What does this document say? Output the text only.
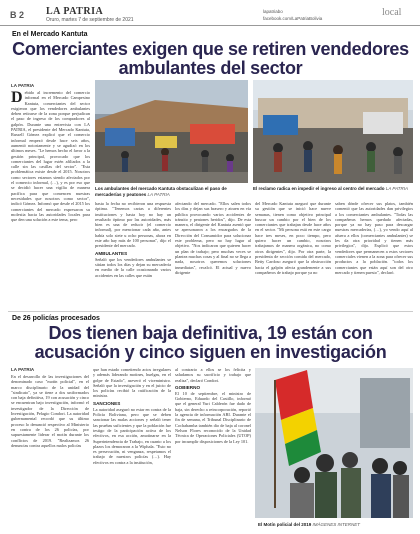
B 2 LA PATRIA
Oruro, martes 7 de septiembre de 2021
lapatriabo
facebook.com/LaPatriaBolivia
local
En el Mercado Kantuta
Comerciantes exigen que se retiren vendedores ambulantes del sector
LA PATRIA
D ebido al incremento del comercio informal en el Mercado Campesino Kantuta, comerciantes del sector exigieron que los vendedores ambulantes deben retirarse de la zona porque perjudican el paso de ingreso de los compradores al galpón. Durante una entrevista con LA PATRIA, el presidente del Mercado Kantuta, Russell Gómez explicó que el comercio informal empezó desde hace seis años, aumentó notoriamente y se agudizó en los últimos meses. "Le hemos hecho el favor a la gestión principal, provocado que los comerciantes del lugar estén afiliados a la calle sin las casillas del sector". "Esta problemática existe desde el 2015. Nosotros como sectores estamos siendo afectados por el comercio informal, (…), y es por eso que se decidió hacer una vigilia de manera pacífica para que comencen nuestras necesidades que nosotros como sector", indicó Gómez. Informó que desde el 2015 los comerciantes del mercado expresaron su molestia hacia las autoridades locales para que den una solución a este tema, pero
Los ambulantes del mercado Kantuta obstaculizan el paso de mercaderías y peatones LA PATRIA
El reclamo radica en impedir el ingreso al centro del mercado LA PATRIA
hasta la fecha no recibieron una respuesta óptima. "Tenemos cartas a diferentes instituciones y hasta hoy no hay un resultado óptimo por las autoridades, más bien es una de reducir (el comercio informal), por mencionar cada año, antes había solo siete u ocho personas, ahora en este año hay más de 100 personas", dijo el presidente del mercado.
AMBULANTES
Señaló que los vendedores ambulantes se sitúan todos los días y dejan su mercadería en medio de la calle ocasionando varios accidentes en las calles que están
afectando del mercado. "Ellos salen todos los días y dejan sus brasero y atraen en vía pública provocando varios accidentes de tránsito y peatones heridos", dijo. De esta manera, el dirigente del Kantuta asentó que se apersonaron a los encargados de la Dirección del Consumidor para solucionar este problema, pero no hay lugar al objetivo. "Nos indicaron que quieren hacer un plan de trabajo; pero muchas veces se plantea muchas cosas y al final no se llega a nada, nosotros queremos soluciones inmediatas", recalcó. El actual y nuevo dirigente
del Mercado Kantuta aseguró que durante su gestión que se inició hace nueve semanas, tienen como objetivo principal buscar un cambio por el bien de los comerciantes que trabajan desde hace años en el sector. "Mi persona está en este cargo hace tres meses, en poco tiempo, pero quiero hacer un cambio, nosotros trabajamos de manera orgánica, no como otros dirigentes", dijo. Por otra parte, la presidenta de sección comida del mercado, Betty Cardoso aseguró que la obstrucción hacia el galpón afecta grandemente a sus compañeros de trabajo porque ya no
saben dónde ofrecer sus platos, también comentó que las autoridades dan privilegios a los comerciantes ambulantes. "Todas las compañeras hemos quedado afectadas, porque ya no hay paso para descargar nuestras mercaderías, (…), yo vendo aquí al afuera a ellos (comerciantes ambulantes) se les da otra prioridad y tienen más privilegios", dijo. Explicó que estos vendedores que permanecen a estos sectores comerciales vienen a la zona para ofrecer sus productos a la población. "todos los comerciantes que están aquí son del otro mercado y tienen puesto", declaró.
De 26 policías procesados
Dos tienen baja definitiva, 19 están con acusación y cinco siguen en investigación
LA PATRIA
En el desarrollo de las investigaciones del denominado caso "motín policial", en el marco disciplinario de la unidad del "sindicato", ya se tiene a dos uniformados con baja definitiva, 19 con acusación y cinco se encuentran bajo investigación, informó el investigador de la Dirección de Investigación, Pelagio Condori. La autoridad gubernamental recordó que su último proceso lo denunció respectivo al Ministerio en contra de los 26 policías, por supuestamente liderar el motín durante los conflictos de 2019. "Realizamos 26 denuncias contra aquellos malos policías
que han estado cometiendo actos irregulares y además liderando motines, huelgas, en el golpe de Estado", aseveró el viceministro. Señaló que la investigación y en el juicio de los policías recibió la ratificación de la ministra.
SANCIONES
La autoridad aseguró no estar en contra de la Policía Boliviana, pero que se deben sancionar las malas acciones y señaló tener las pruebas suficientes y que la población fue testigo de la participación activa de los efectivos, en esa acción, amotinarse en la Superintendencia de Trabajo, en cuanto a los plazos los demoraron a la Wiphala. "Esto no es persecución, ni venganza, respetamos el trabajo de nuestros policías (…). Hay efectivos en contra a la institución,
al contrario a ellos se los felicita y saludamos su sacrificio y trabajo que realiza", declaró Condori.
GOBIERNO
El 10 de septiembre, el ministro de Gobierno, Eduardo del Castillo, informó que el general Yuri Calderón fue dado de baja, sin derecho a reincorporación, reportó la agencia de información ABI. Durante el fin de semana, el Tribunal Disciplinario de Cochabamba también dio de baja al coronel Nelson Flores reconocido de la Unidad Técnica de Operaciones Policiales (UTOP) por incumplir disposiciones de la Ley 101.
El Motín policial del 2019 IMÁGENES INTERNET
